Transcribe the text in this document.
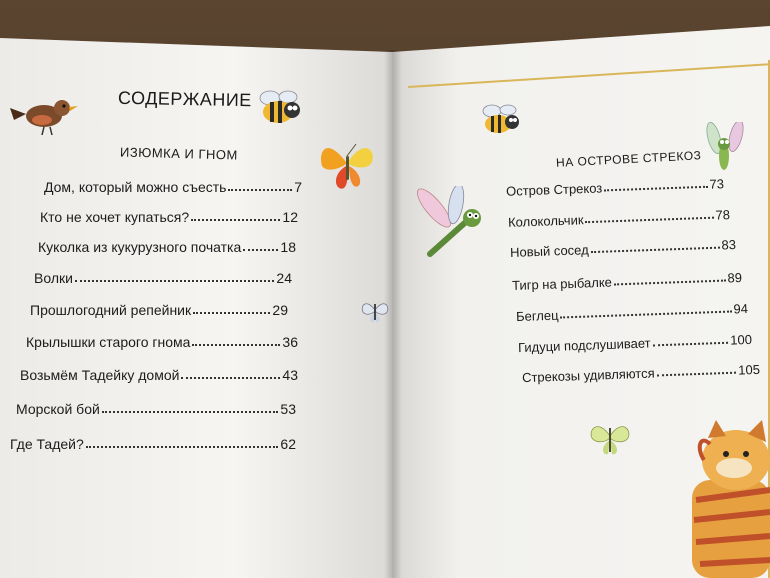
СОДЕРЖАНИЕ
ИЗЮМКА И ГНОМ	НА ОСТРОВЕ СТРЕКОЗ
Дом, который можно съесть	7
Кто не хочет купаться?	12
Куколка из кукурузного початка	18
Волки	24
Прошлогодний репейник	29
Крылышки старого гнома	36
Возьмём Тадейку домой	43
Морской бой	53
Где Тадей?	62
Остров Стрекоз	73
Колокольчик	78
Новый сосед	83
Тигр на рыбалке	89
Беглец	94
Гидуци подслушивает	100
Стрекозы удивляются	105
